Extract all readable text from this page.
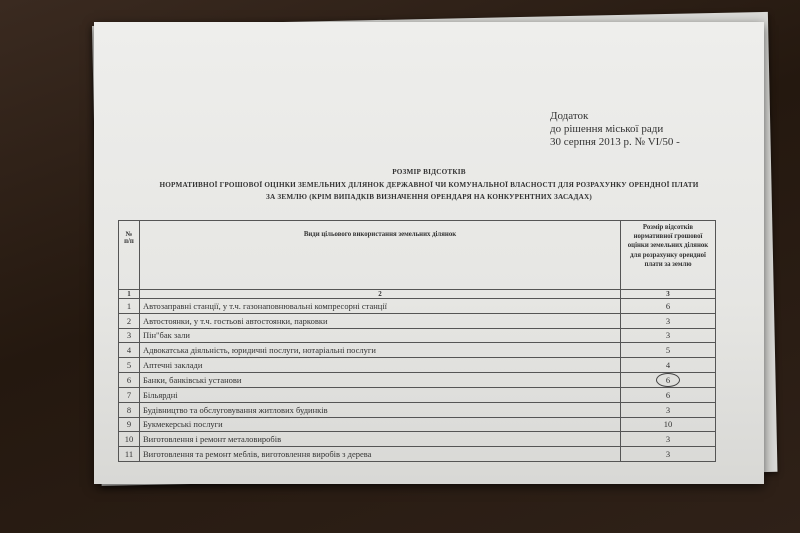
Додаток
до рішення міської ради
30 серпня 2013 р. № VI/50 -
РОЗМІР ВІДСОТКІВ
НОРМАТИВНОЇ ГРОШОВОЇ ОЦІНКИ ЗЕМЕЛЬНИХ ДІЛЯНОК ДЕРЖАВНОЇ ЧИ КОМУНАЛЬНОЇ ВЛАСНОСТІ ДЛЯ РОЗРАХУНКУ ОРЕНДНОЇ ПЛАТИ
ЗА ЗЕМЛЮ (КРІМ ВИПАДКІВ ВИЗНАЧЕННЯ ОРЕНДАРЯ НА КОНКУРЕНТНИХ ЗАСАДАХ)
№ п/п	Види цільового використання земельних ділянок	Розмір відсотків нормативної грошової оцінки земельних ділянок для розрахунку орендної плати за землю
1	2	3
1	Автозаправні станції, у т.ч. газонаповнювальні компресорні станції	6
2	Автостоянки, у т.ч. гостьові автостоянки, парковки	3
3	Пін"бак зали	3
4	Адвокатська діяльність, юридичні послуги, нотаріальні послуги	5
5	Аптечні заклади	4
6	Банки, банківські установи	6
7	Більярдні	6
8	Будівництво та обслуговування житлових будинків	3
9	Букмекерські послуги	10
10	Виготовлення і ремонт металовиробів	3
11	Виготовлення та ремонт меблів, виготовлення виробів з дерева	3
